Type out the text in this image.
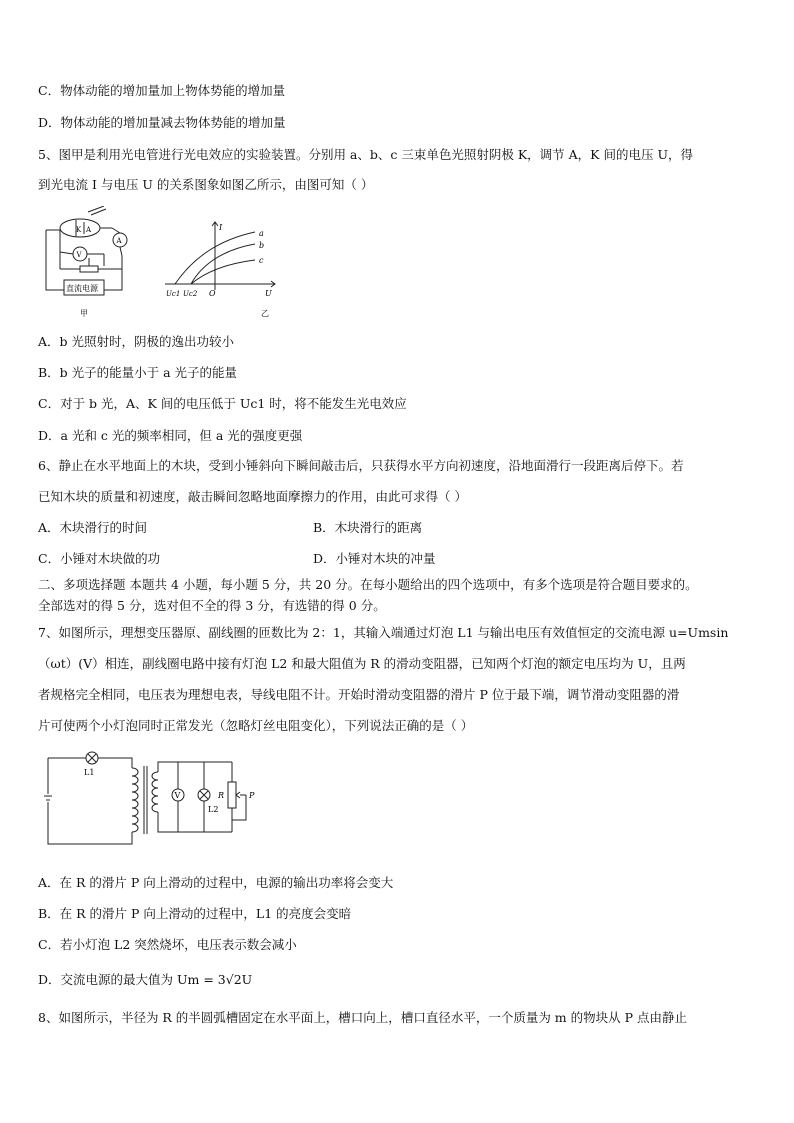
C．物体动能的增加量加上物体势能的增加量
D．物体动能的增加量减去物体势能的增加量
5、图甲是利用光电管进行光电效应的实验装置。分别用 a、b、c 三束单色光照射阴极 K，调节 A，K 间的电压 U，得
到光电流 I 与电压 U 的关系图象如图乙所示，由图可知（ ）
K A
A
V
直流电源
甲
I
U
O
a
b
c
Uc1 Uc2
乙
A．b 光照射时，阴极的逸出功较小
B．b 光子的能量小于 a 光子的能量
C．对于 b 光，A、K 间的电压低于 Uc1 时，将不能发生光电效应
D．a 光和 c 光的频率相同，但 a 光的强度更强
6、静止在水平地面上的木块，受到小锤斜向下瞬间敲击后，只获得水平方向初速度，沿地面滑行一段距离后停下。若
已知木块的质量和初速度，敲击瞬间忽略地面摩擦力的作用，由此可求得（ ）
A．木块滑行的时间	B．木块滑行的距离
C．小锤对木块做的功	D．小锤对木块的冲量
二、多项选择题 本题共 4 小题，每小题 5 分，共 20 分。在每小题给出的四个选项中，有多个选项是符合题目要求的。
全部选对的得 5 分，选对但不全的得 3 分，有选错的得 0 分。
7、如图所示，理想变压器原、副线圈的匝数比为 2：1，其输入端通过灯泡 L1 与输出电压有效值恒定的交流电源 u=Umsin
（ωt）(V）相连，副线圈电路中接有灯泡 L2 和最大阻值为 R 的滑动变阻器，已知两个灯泡的额定电压均为 U，且两
者规格完全相同，电压表为理想电表，导线电阻不计。开始时滑动变阻器的滑片 P 位于最下端，调节滑动变阻器的滑
片可使两个小灯泡同时正常发光（忽略灯丝电阻变化），下列说法正确的是（ ）
L1
V
L2
R	P
A．在 R 的滑片 P 向上滑动的过程中，电源的输出功率将会变大
B．在 R 的滑片 P 向上滑动的过程中，L1 的亮度会变暗
C．若小灯泡 L2 突然烧坏，电压表示数会减小
D．交流电源的最大值为 Um = 3√2U
8、如图所示，半径为 R 的半圆弧槽固定在水平面上，槽口向上，槽口直径水平，一个质量为 m 的物块从 P 点由静止
